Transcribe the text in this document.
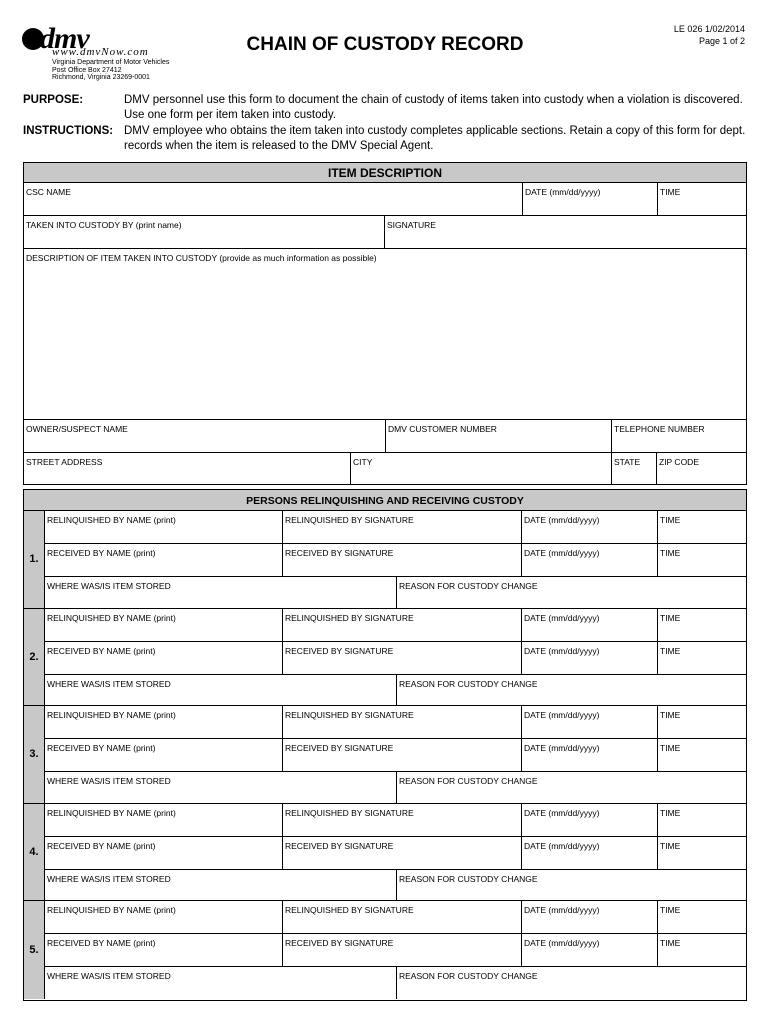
dmv
www.dmvNow.com
Virginia Department of Motor Vehicles
Post Office Box 27412
Richmond, Virginia 23269-0001
CHAIN OF CUSTODY RECORD
LE 026 1/02/2014
Page 1 of 2
PURPOSE:	DMV personnel use this form to document the chain of custody of items taken into custody when a violation is discovered.
Use one form per item taken into custody.
INSTRUCTIONS: DMV employee who obtains the item taken into custody completes applicable sections. Retain a copy of this form for dept.
records when the item is released to the DMV Special Agent.
ITEM DESCRIPTION
CSC NAME	DATE (mm/dd/yyyy)	TIME
TAKEN INTO CUSTODY BY (print name)	SIGNATURE
DESCRIPTION OF ITEM TAKEN INTO CUSTODY (provide as much information as possible)
OWNER/SUSPECT NAME	DMV CUSTOMER NUMBER	TELEPHONE NUMBER
STREET ADDRESS	CITY	STATE	ZIP CODE
PERSONS RELINQUISHING AND RECEIVING CUSTODY
1.
RELINQUISHED BY NAME (print)	RELINQUISHED BY SIGNATURE	DATE (mm/dd/yyyy)	TIME
RECEIVED BY NAME (print)	RECEIVED BY SIGNATURE	DATE (mm/dd/yyyy)	TIME
WHERE WAS/IS ITEM STORED	REASON FOR CUSTODY CHANGE
2.
RELINQUISHED BY NAME (print)	RELINQUISHED BY SIGNATURE	DATE (mm/dd/yyyy)	TIME
RECEIVED BY NAME (print)	RECEIVED BY SIGNATURE	DATE (mm/dd/yyyy)	TIME
WHERE WAS/IS ITEM STORED	REASON FOR CUSTODY CHANGE
3.
RELINQUISHED BY NAME (print)	RELINQUISHED BY SIGNATURE	DATE (mm/dd/yyyy)	TIME
RECEIVED BY NAME (print)	RECEIVED BY SIGNATURE	DATE (mm/dd/yyyy)	TIME
WHERE WAS/IS ITEM STORED	REASON FOR CUSTODY CHANGE
4.
RELINQUISHED BY NAME (print)	RELINQUISHED BY SIGNATURE	DATE (mm/dd/yyyy)	TIME
RECEIVED BY NAME (print)	RECEIVED BY SIGNATURE	DATE (mm/dd/yyyy)	TIME
WHERE WAS/IS ITEM STORED	REASON FOR CUSTODY CHANGE
5.
RELINQUISHED BY NAME (print)	RELINQUISHED BY SIGNATURE	DATE (mm/dd/yyyy)	TIME
RECEIVED BY NAME (print)	RECEIVED BY SIGNATURE	DATE (mm/dd/yyyy)	TIME
WHERE WAS/IS ITEM STORED	REASON FOR CUSTODY CHANGE
